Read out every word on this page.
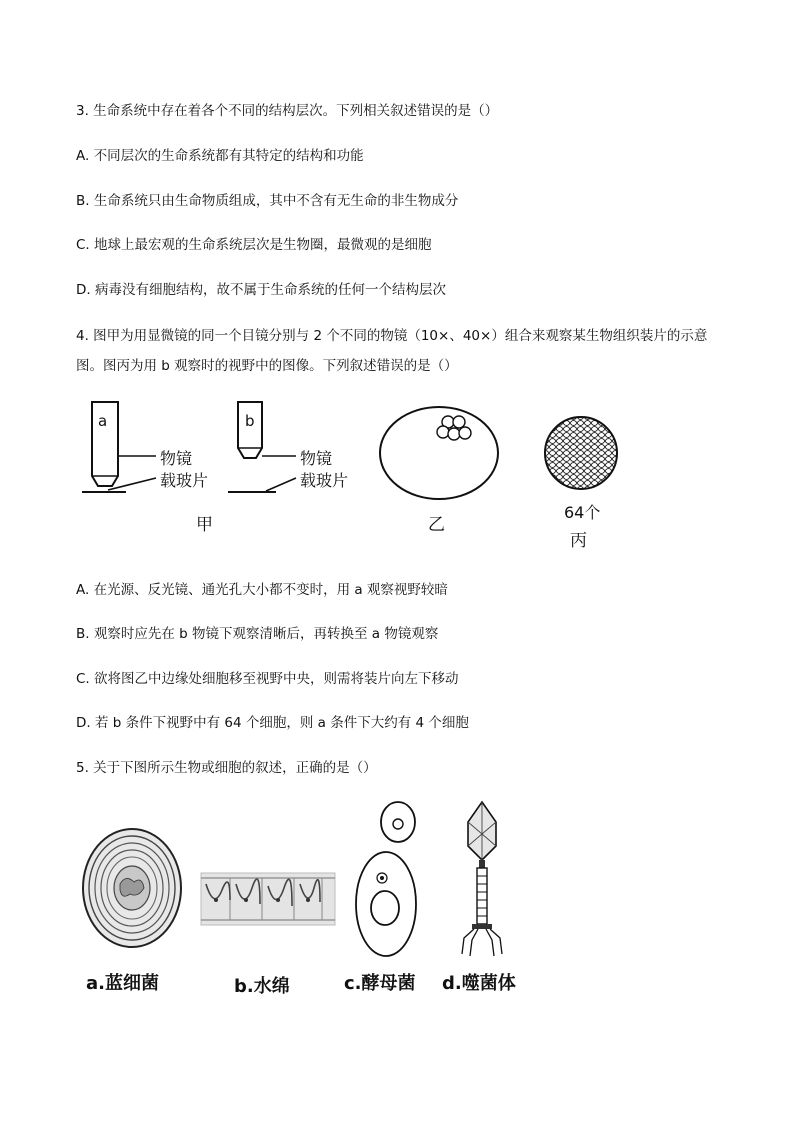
3. 生命系统中存在着各个不同的结构层次。下列相关叙述错误的是（）
A. 不同层次的生命系统都有其特定的结构和功能
B. 生命系统只由生命物质组成，其中不含有无生命的非生物成分
C. 地球上最宏观的生命系统层次是生物圈，最微观的是细胞
D. 病毒没有细胞结构，故不属于生命系统的任何一个结构层次
4. 图甲为用显微镜的同一个目镜分别与 2 个不同的物镜（10×、40×）组合来观察某生物组织装片的示意
图。图丙为用 b 观察时的视野中的图像。下列叙述错误的是（）
a	b
物镜
载玻片
物镜
载玻片
甲	乙
64个
丙
A. 在光源、反光镜、通光孔大小都不变时，用 a 观察视野较暗
B. 观察时应先在 b 物镜下观察清晰后，再转换至 a 物镜观察
C. 欲将图乙中边缘处细胞移至视野中央，则需将装片向左下移动
D. 若 b 条件下视野中有 64 个细胞，则 a 条件下大约有 4 个细胞
5. 关于下图所示生物或细胞的叙述，正确的是（）
a.蓝细菌	b.水绵	c.酵母菌 d.噬菌体
